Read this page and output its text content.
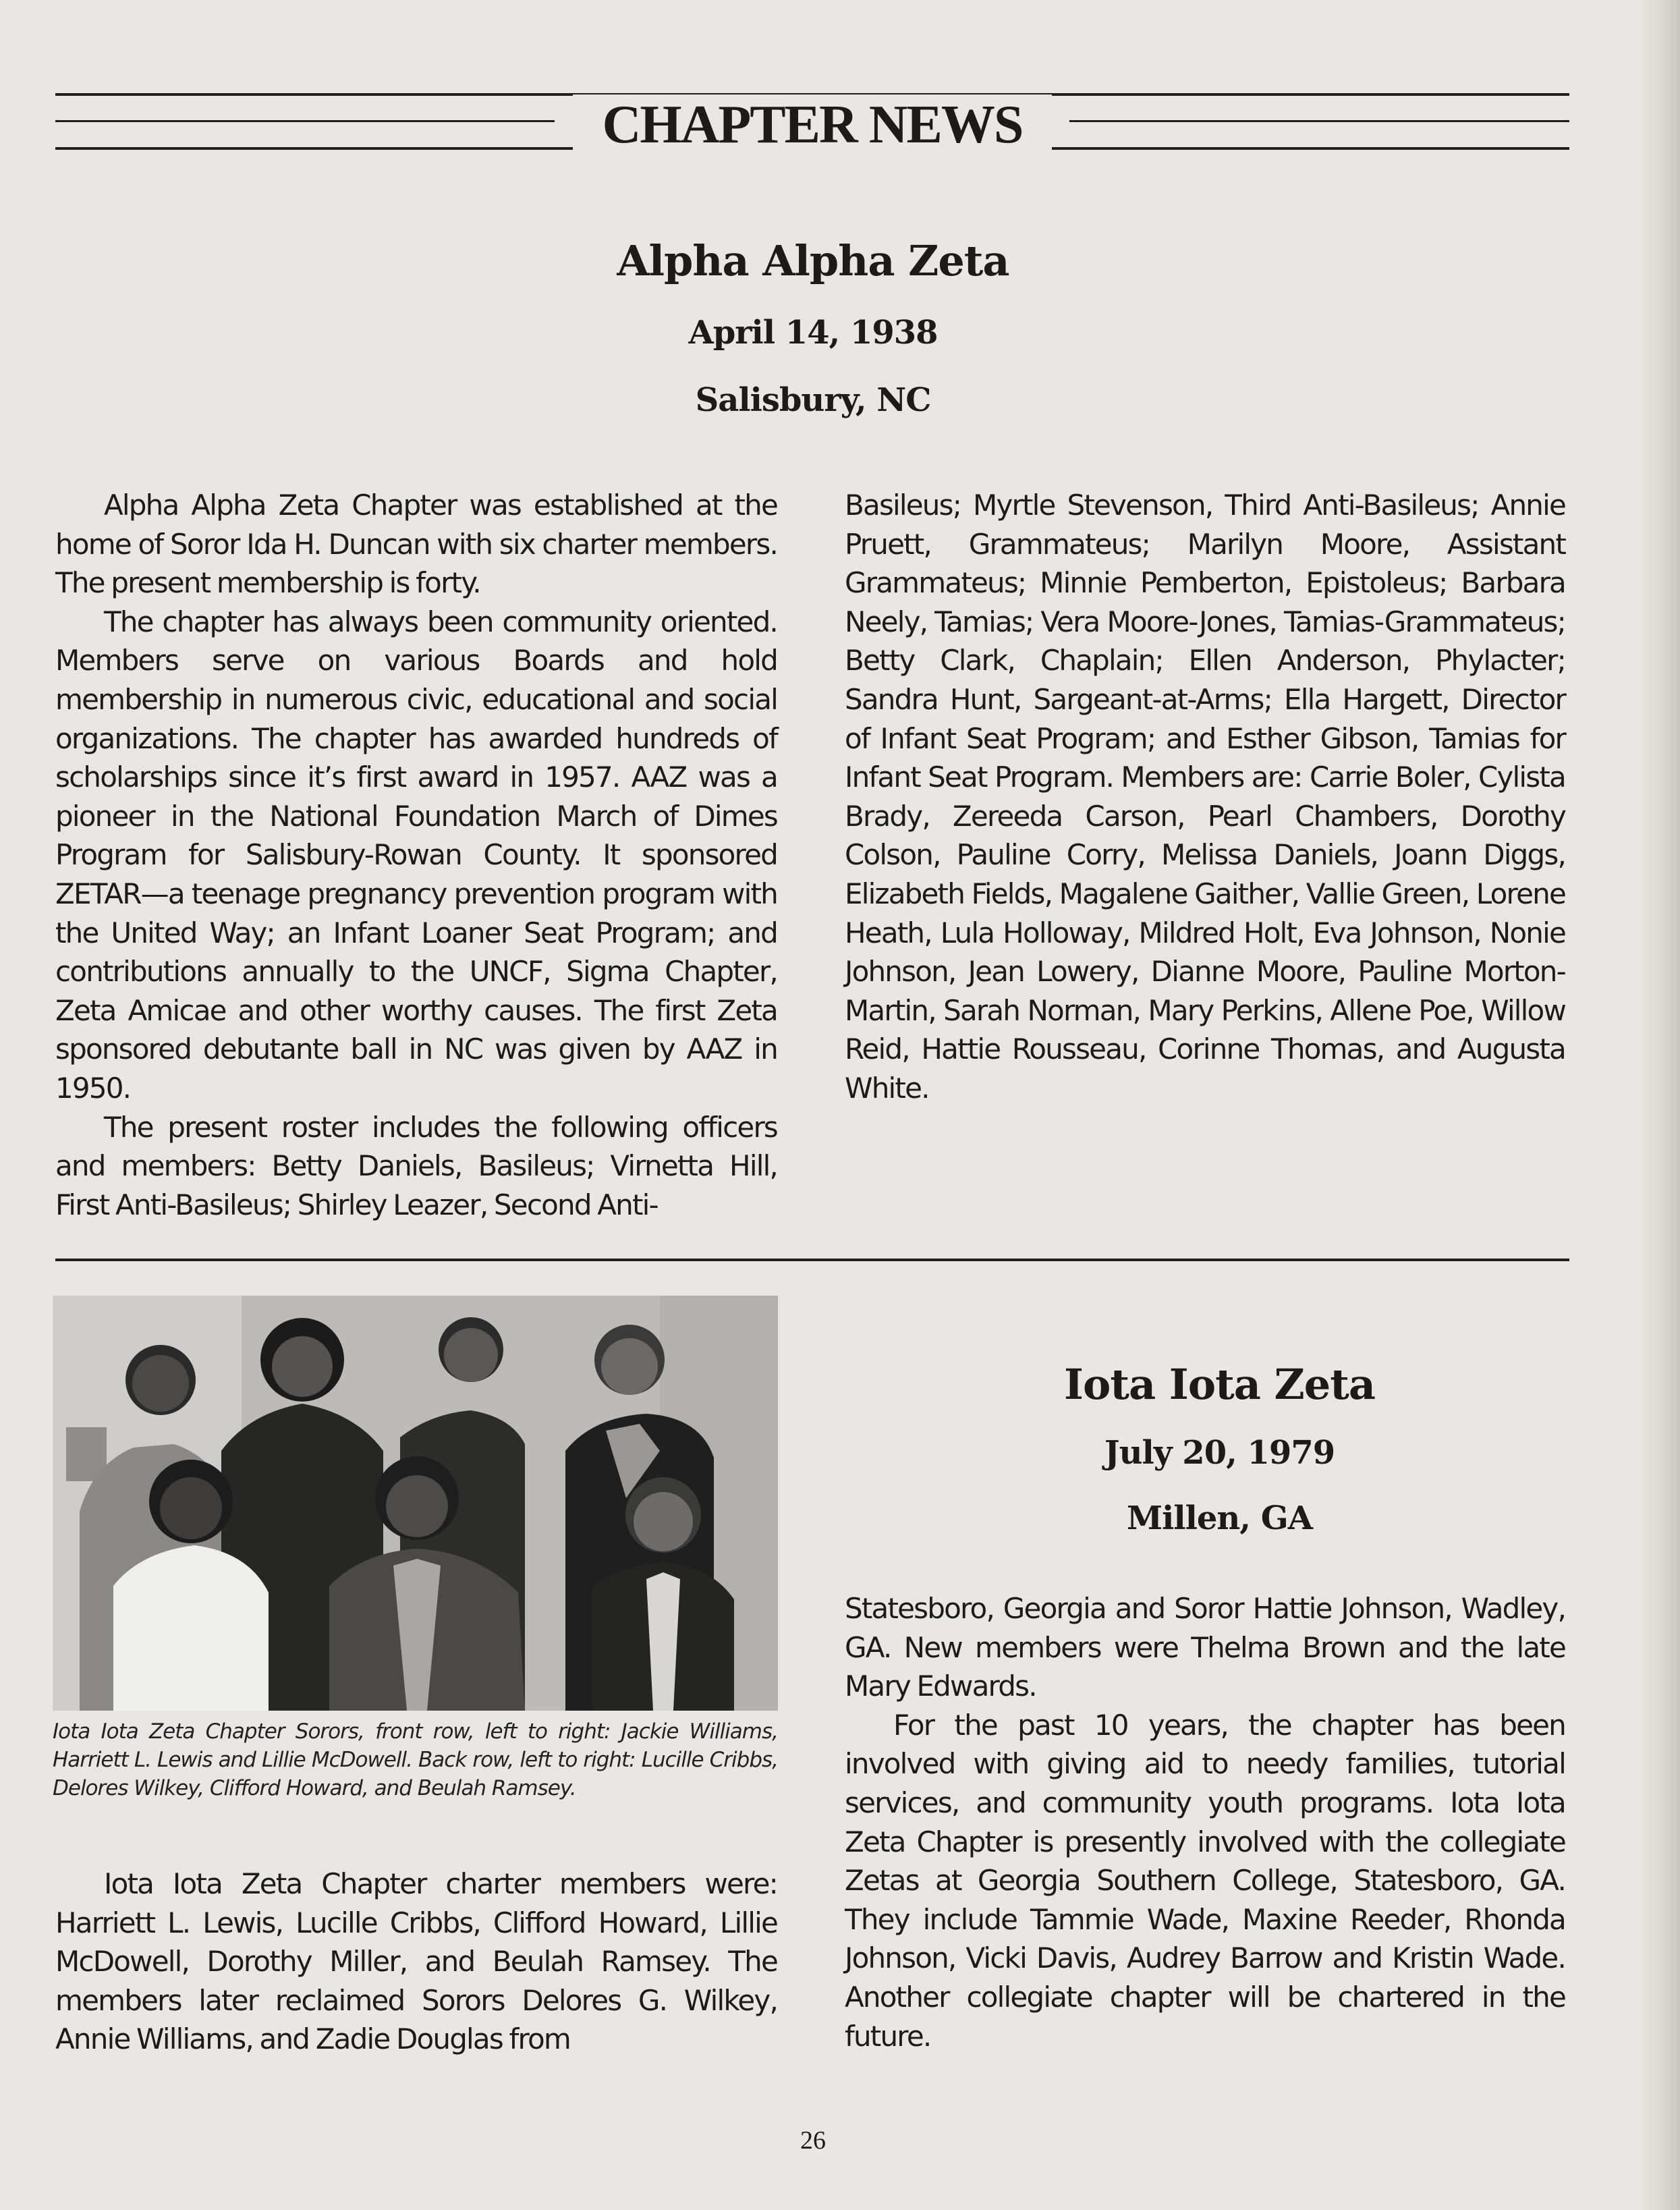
CHAPTER NEWS
Alpha Alpha Zeta
April 14, 1938
Salisbury, NC

Alpha Alpha Zeta Chapter was established at the home of Soror Ida H. Duncan with six charter members. The present membership is forty.

The chapter has always been community oriented. Members serve on various Boards and hold membership in numerous civic, educational and social organizations. The chapter has awarded hundreds of scholarships since it’s first award in 1957. AAZ was a pioneer in the National Foundation March of Dimes Program for Salisbury-Rowan County. It sponsored ZETAR—a teenage pregnancy prevention program with the United Way; an Infant Loaner Seat Program; and contributions annually to the UNCF, Sigma Chapter, Zeta Amicae and other worthy causes. The first Zeta sponsored debutante ball in NC was given by AAZ in 1950.

The present roster includes the following officers and members: Betty Daniels, Basileus; Virnetta Hill, First Anti-Basileus; Shirley Leazer, Second Anti-

Basileus; Myrtle Stevenson, Third Anti-Basileus; Annie Pruett, Grammateus; Marilyn Moore, Assistant Grammateus; Minnie Pemberton, Epistoleus; Barbara Neely, Tamias; Vera Moore-Jones, Tamias-Grammateus; Betty Clark, Chaplain; Ellen Anderson, Phylacter; Sandra Hunt, Sargeant-at-Arms; Ella Hargett, Director of Infant Seat Program; and Esther Gibson, Tamias for Infant Seat Program. Members are: Carrie Boler, Cylista Brady, Zereeda Carson, Pearl Chambers, Dorothy Colson, Pauline Corry, Melissa Daniels, Joann Diggs, Elizabeth Fields, Magalene Gaither, Vallie Green, Lorene Heath, Lula Holloway, Mildred Holt, Eva Johnson, Nonie Johnson, Jean Lowery, Dianne Moore, Pauline Morton-Martin, Sarah Norman, Mary Perkins, Allene Poe, Willow Reid, Hattie Rousseau, Corinne Thomas, and Augusta White.

Iota Iota Zeta Chapter Sorors, front row, left to right: Jackie Williams, Harriett L. Lewis and Lillie McDowell. Back row, left to right: Lucille Cribbs, Delores Wilkey, Clifford Howard, and Beulah Ramsey.

Iota Iota Zeta Chapter charter members were: Harriett L. Lewis, Lucille Cribbs, Clifford Howard, Lillie McDowell, Dorothy Miller, and Beulah Ramsey. The members later reclaimed Sorors Delores G. Wilkey, Annie Williams, and Zadie Douglas from

Iota Iota Zeta
July 20, 1979
Millen, GA

Statesboro, Georgia and Soror Hattie Johnson, Wadley, GA. New members were Thelma Brown and the late Mary Edwards.

For the past 10 years, the chapter has been involved with giving aid to needy families, tutorial services, and community youth programs. Iota Iota Zeta Chapter is presently involved with the collegiate Zetas at Georgia Southern College, Statesboro, GA. They include Tammie Wade, Maxine Reeder, Rhonda Johnson, Vicki Davis, Audrey Barrow and Kristin Wade. Another collegiate chapter will be chartered in the future.

26
